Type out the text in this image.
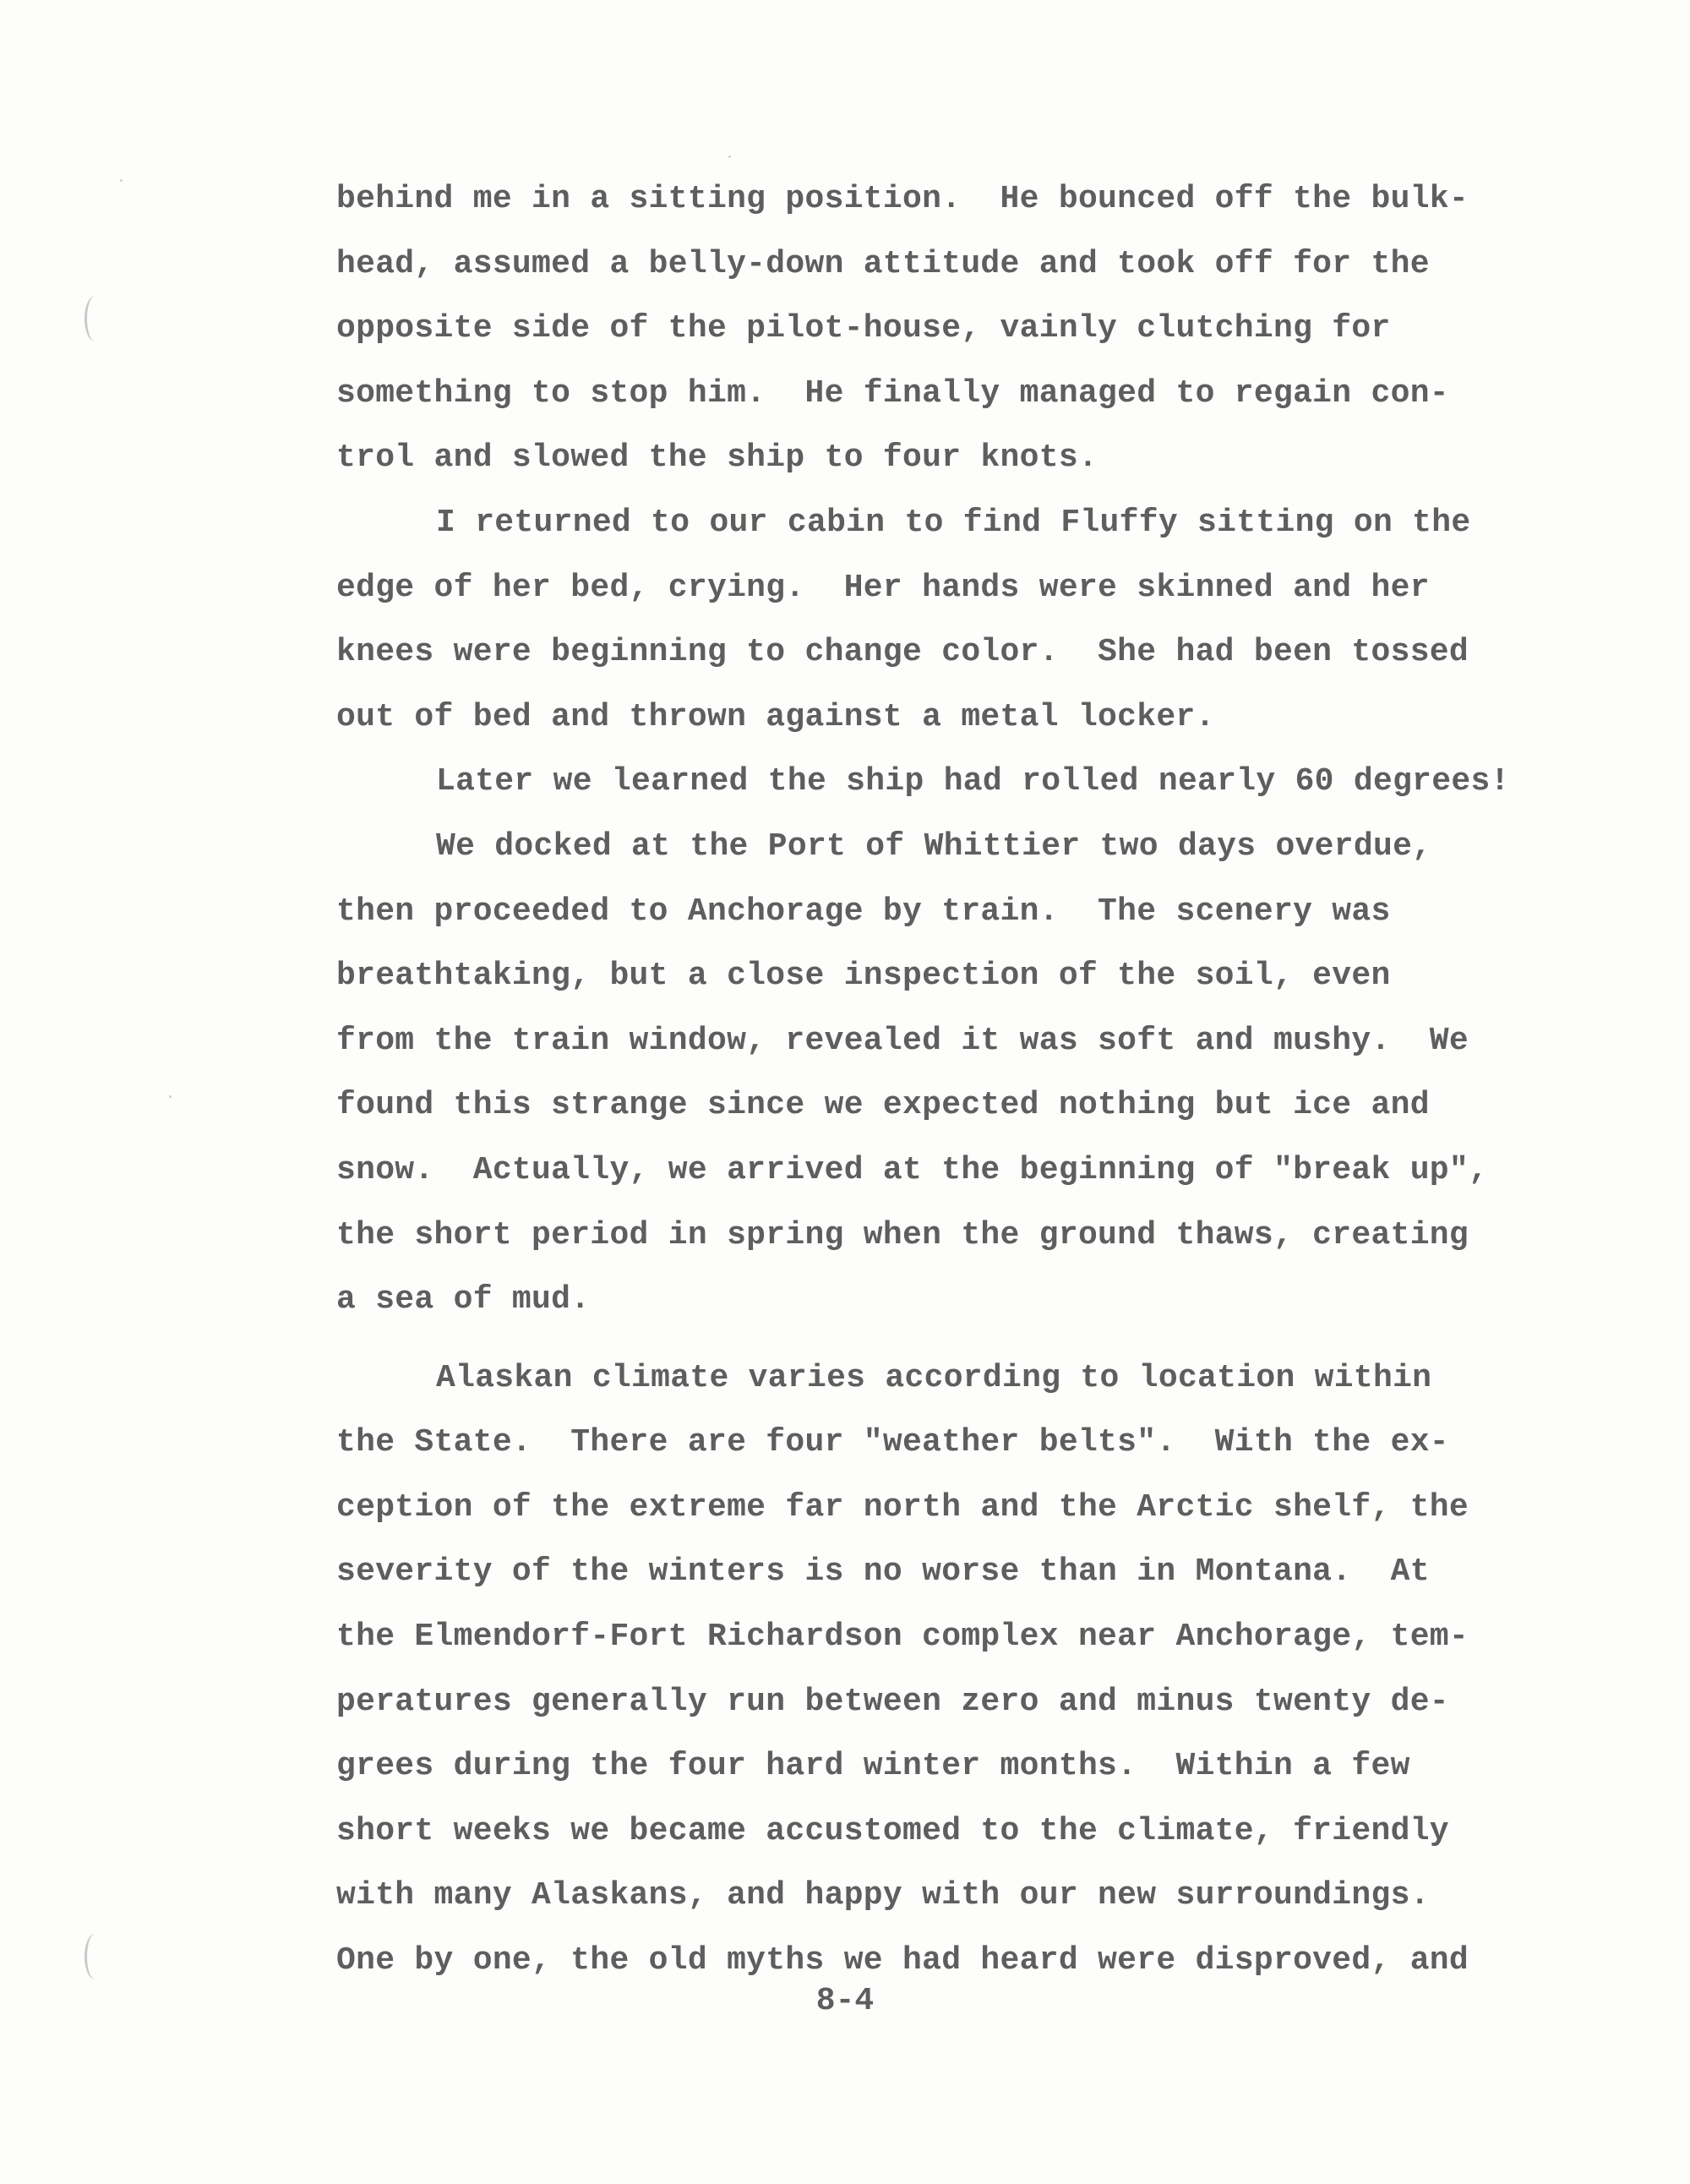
behind me in a sitting position.  He bounced off the bulk-
head, assumed a belly-down attitude and took off for the
opposite side of the pilot-house, vainly clutching for
something to stop him.  He finally managed to regain con-
trol and slowed the ship to four knots.
I returned to our cabin to find Fluffy sitting on the
edge of her bed, crying.  Her hands were skinned and her
knees were beginning to change color.  She had been tossed
out of bed and thrown against a metal locker.
Later we learned the ship had rolled nearly 60 degrees!
We docked at the Port of Whittier two days overdue,
then proceeded to Anchorage by train.  The scenery was
breathtaking, but a close inspection of the soil, even
from the train window, revealed it was soft and mushy.  We
found this strange since we expected nothing but ice and
snow.  Actually, we arrived at the beginning of "break up",
the short period in spring when the ground thaws, creating
a sea of mud.
Alaskan climate varies according to location within
the State.  There are four "weather belts".  With the ex-
ception of the extreme far north and the Arctic shelf, the
severity of the winters is no worse than in Montana.  At
the Elmendorf-Fort Richardson complex near Anchorage, tem-
peratures generally run between zero and minus twenty de-
grees during the four hard winter months.  Within a few
short weeks we became accustomed to the climate, friendly
with many Alaskans, and happy with our new surroundings.
One by one, the old myths we had heard were disproved, and
8-4
